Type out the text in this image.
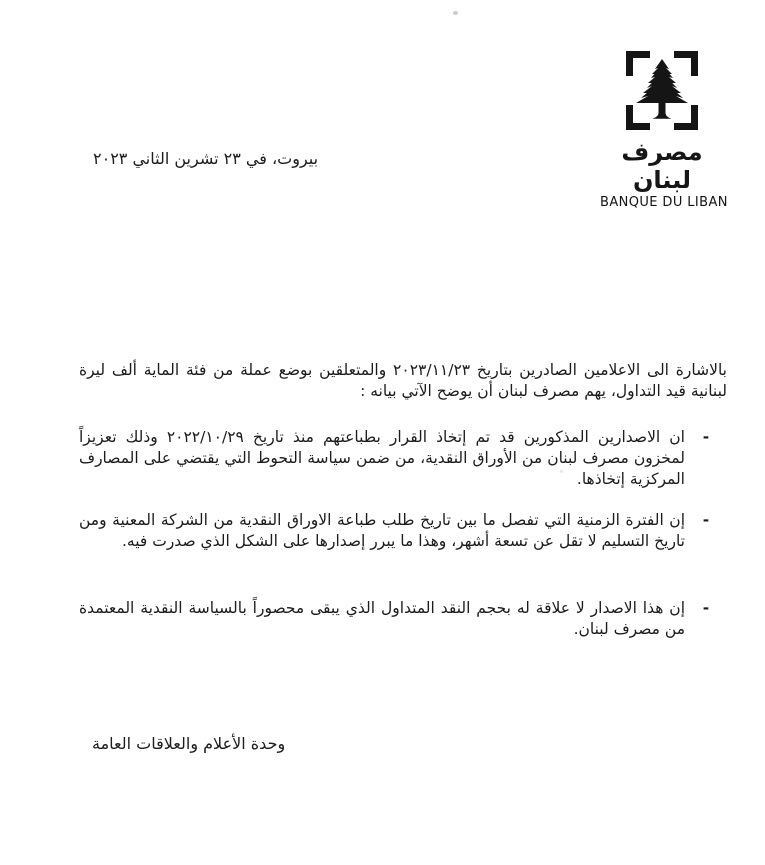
مصرف لبنان
BANQUE DU LIBAN
بيروت، في ٢٣ تشرين الثاني ٢٠٢٣

بالاشارة الى الاعلامين الصادرين بتاريخ ٢٠٢٣/١١/٢٣ والمتعلقين بوضع عملة من فئة الماية ألف ليرة لبنانية قيد التداول، يهم مصرف لبنان أن يوضح الآتي بيانه :

-
ان الاصدارين المذكورين قد تم إتخاذ القرار بطباعتهم منذ تاريخ ٢٠٢٢/١٠/٢٩ وذلك تعزيزاً لمخزون مصرف لبنان من الأوراق النقدية، من ضمن سياسة التحوط التي يقتضي على المصارف المركزية إتخاذها.
-
إن الفترة الزمنية التي تفصل ما بين تاريخ طلب طباعة الاوراق النقدية من الشركة المعنية ومن تاريخ التسليم لا تقل عن تسعة أشهر، وهذا ما يبرر إصدارها على الشكل الذي صدرت فيه.
-
إن هذا الاصدار لا علاقة له بحجم النقد المتداول الذي يبقى محصوراً بالسياسة النقدية المعتمدة من مصرف لبنان.
وحدة الأعلام والعلاقات العامة
